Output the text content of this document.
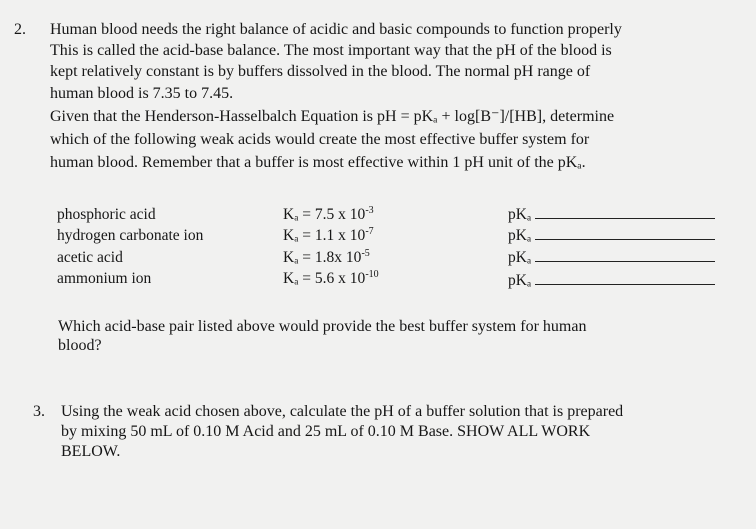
2. Human blood needs the right balance of acidic and basic compounds to function properly
This is called the acid-base balance. The most important way that the pH of the blood is
kept relatively constant is by buffers dissolved in the blood. The normal pH range of
human blood is 7.35 to 7.45.
Given that the Henderson-Hasselbalch Equation is pH = pKₐ + log[B⁻]/[HB], determine
which of the following weak acids would create the most effective buffer system for
human blood. Remember that a buffer is most effective within 1 pH unit of the pKₐ.
phosphoric acid	Kₐ = 7.5 x $10^{-3}$	pKₐ
hydrogen carbonate ion	Kₐ = 1.1 x $10^{-7}$	pKₐ
acetic acid	Kₐ = 1.8x $10^{-5}$	pKₐ
ammonium ion	Kₐ = 5.6 x $10^{-10}$	pKₐ
Which acid-base pair listed above would provide the best buffer system for human
blood?
3. Using the weak acid chosen above, calculate the pH of a buffer solution that is prepared
by mixing 50 mL of 0.10 M Acid and 25 mL of 0.10 M Base. SHOW ALL WORK
BELOW.
